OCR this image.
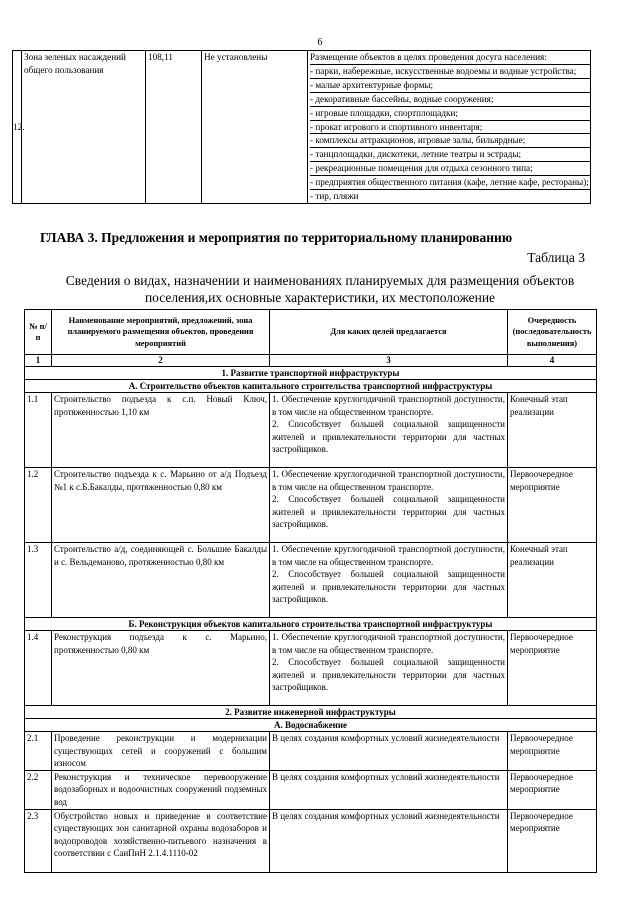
6
12.	Зона зеленых насаждений общего пользования	108,11	Не установлены	Размещение объектов в целях проведения досуга населения:
- парки, набережные, искусственные водоемы и водные устройства;
- малые архитектурные формы;
- декоративные бассейны, водные сооружения;
- игровые площадки, спортплощадки;
- прокат игрового и спортивного инвентаря;
- комплексы аттракционов, игровые залы, бильярдные;
- танцплощадки, дискотеки, летние театры и эстрады;
- рекреационные помещения для отдыха сезонного типа;
- предприятия общественного питания (кафе, летние кафе, рестораны);
- тир, пляжи
ГЛАВА 3. Предложения и мероприятия по территориальному планированию
Таблица 3
Сведения о видах, назначении и наименованиях планируемых для размещения объектов поселения,их основные характеристики, их местоположение
№ п/п	Наименование мероприятий, предложений, зона планируемого размещения объектов, проведения мероприятий	Для каких целей предлагается	Очередность (последовательность выполнения)
1	2	3	4
1. Развитие транспортной инфраструктуры			
А. Строительство объектов капитального строительства транспортной инфраструктуры			
1.1	Строительство подъезда к с.п. Новый Ключ, протяженностью 1,10 км	1. Обеспечение круглогодичной транспортной доступности, в том числе на общественном транспорте.
2. Способствует большей социальной защищенности жителей и привлекательности территории для частных застройщиков.	Конечный этап реализации
1.2	Строительство подъезда к с. Марьино от а/д Подъезд №1 к с.Б.Бакалды, протяженностью 0,80 км	1. Обеспечение круглогодичной транспортной доступности, в том числе на общественном транспорте.
2. Способствует большей социальной защищенности жителей и привлекательности территории для частных застройщиков.	Первоочередное мероприятие
1.3	Строительство а/д, соединяющей с. Большие Бакалды и с. Вельдеманово, протяженностью 0,80 км	1. Обеспечение круглогодичной транспортной доступности, в том числе на общественном транспорте.
2. Способствует большей социальной защищенности жителей и привлекательности территории для частных застройщиков.	Конечный этап реализации
Б. Реконструкция объектов капитального строительства транспортной инфраструктуры			
1.4	Реконструкция подъезда к с. Марьино, протяженностью 0,80 км	1. Обеспечение круглогодичной транспортной доступности, в том числе на общественном транспорте.
2. Способствует большей социальной защищенности жителей и привлекательности территории для частных застройщиков.	Первоочередное мероприятие
2. Развитие инженерной инфраструктуры			
А. Водоснабжение			
2.1	Проведение реконструкции и модернизации существующих сетей и сооружений с большим износом	В целях создания комфортных условий жизнедеятельности	Первоочередное мероприятие
2.2	Реконструкция и техническое перевооружение водозаборных и водоочистных сооружений подземных вод	В целях создания комфортных условий жизнедеятельности	Первоочередное мероприятие
2.3	Обустройство новых и приведение в соответствие существующих зон санитарной охраны водозаборов и водопроводов хозяйственно-питьевого назначения в соответствии с СаиПиН 2.1.4.1110-02	В целях создания комфортных условий жизнедеятельности	Первоочередное мероприятие
